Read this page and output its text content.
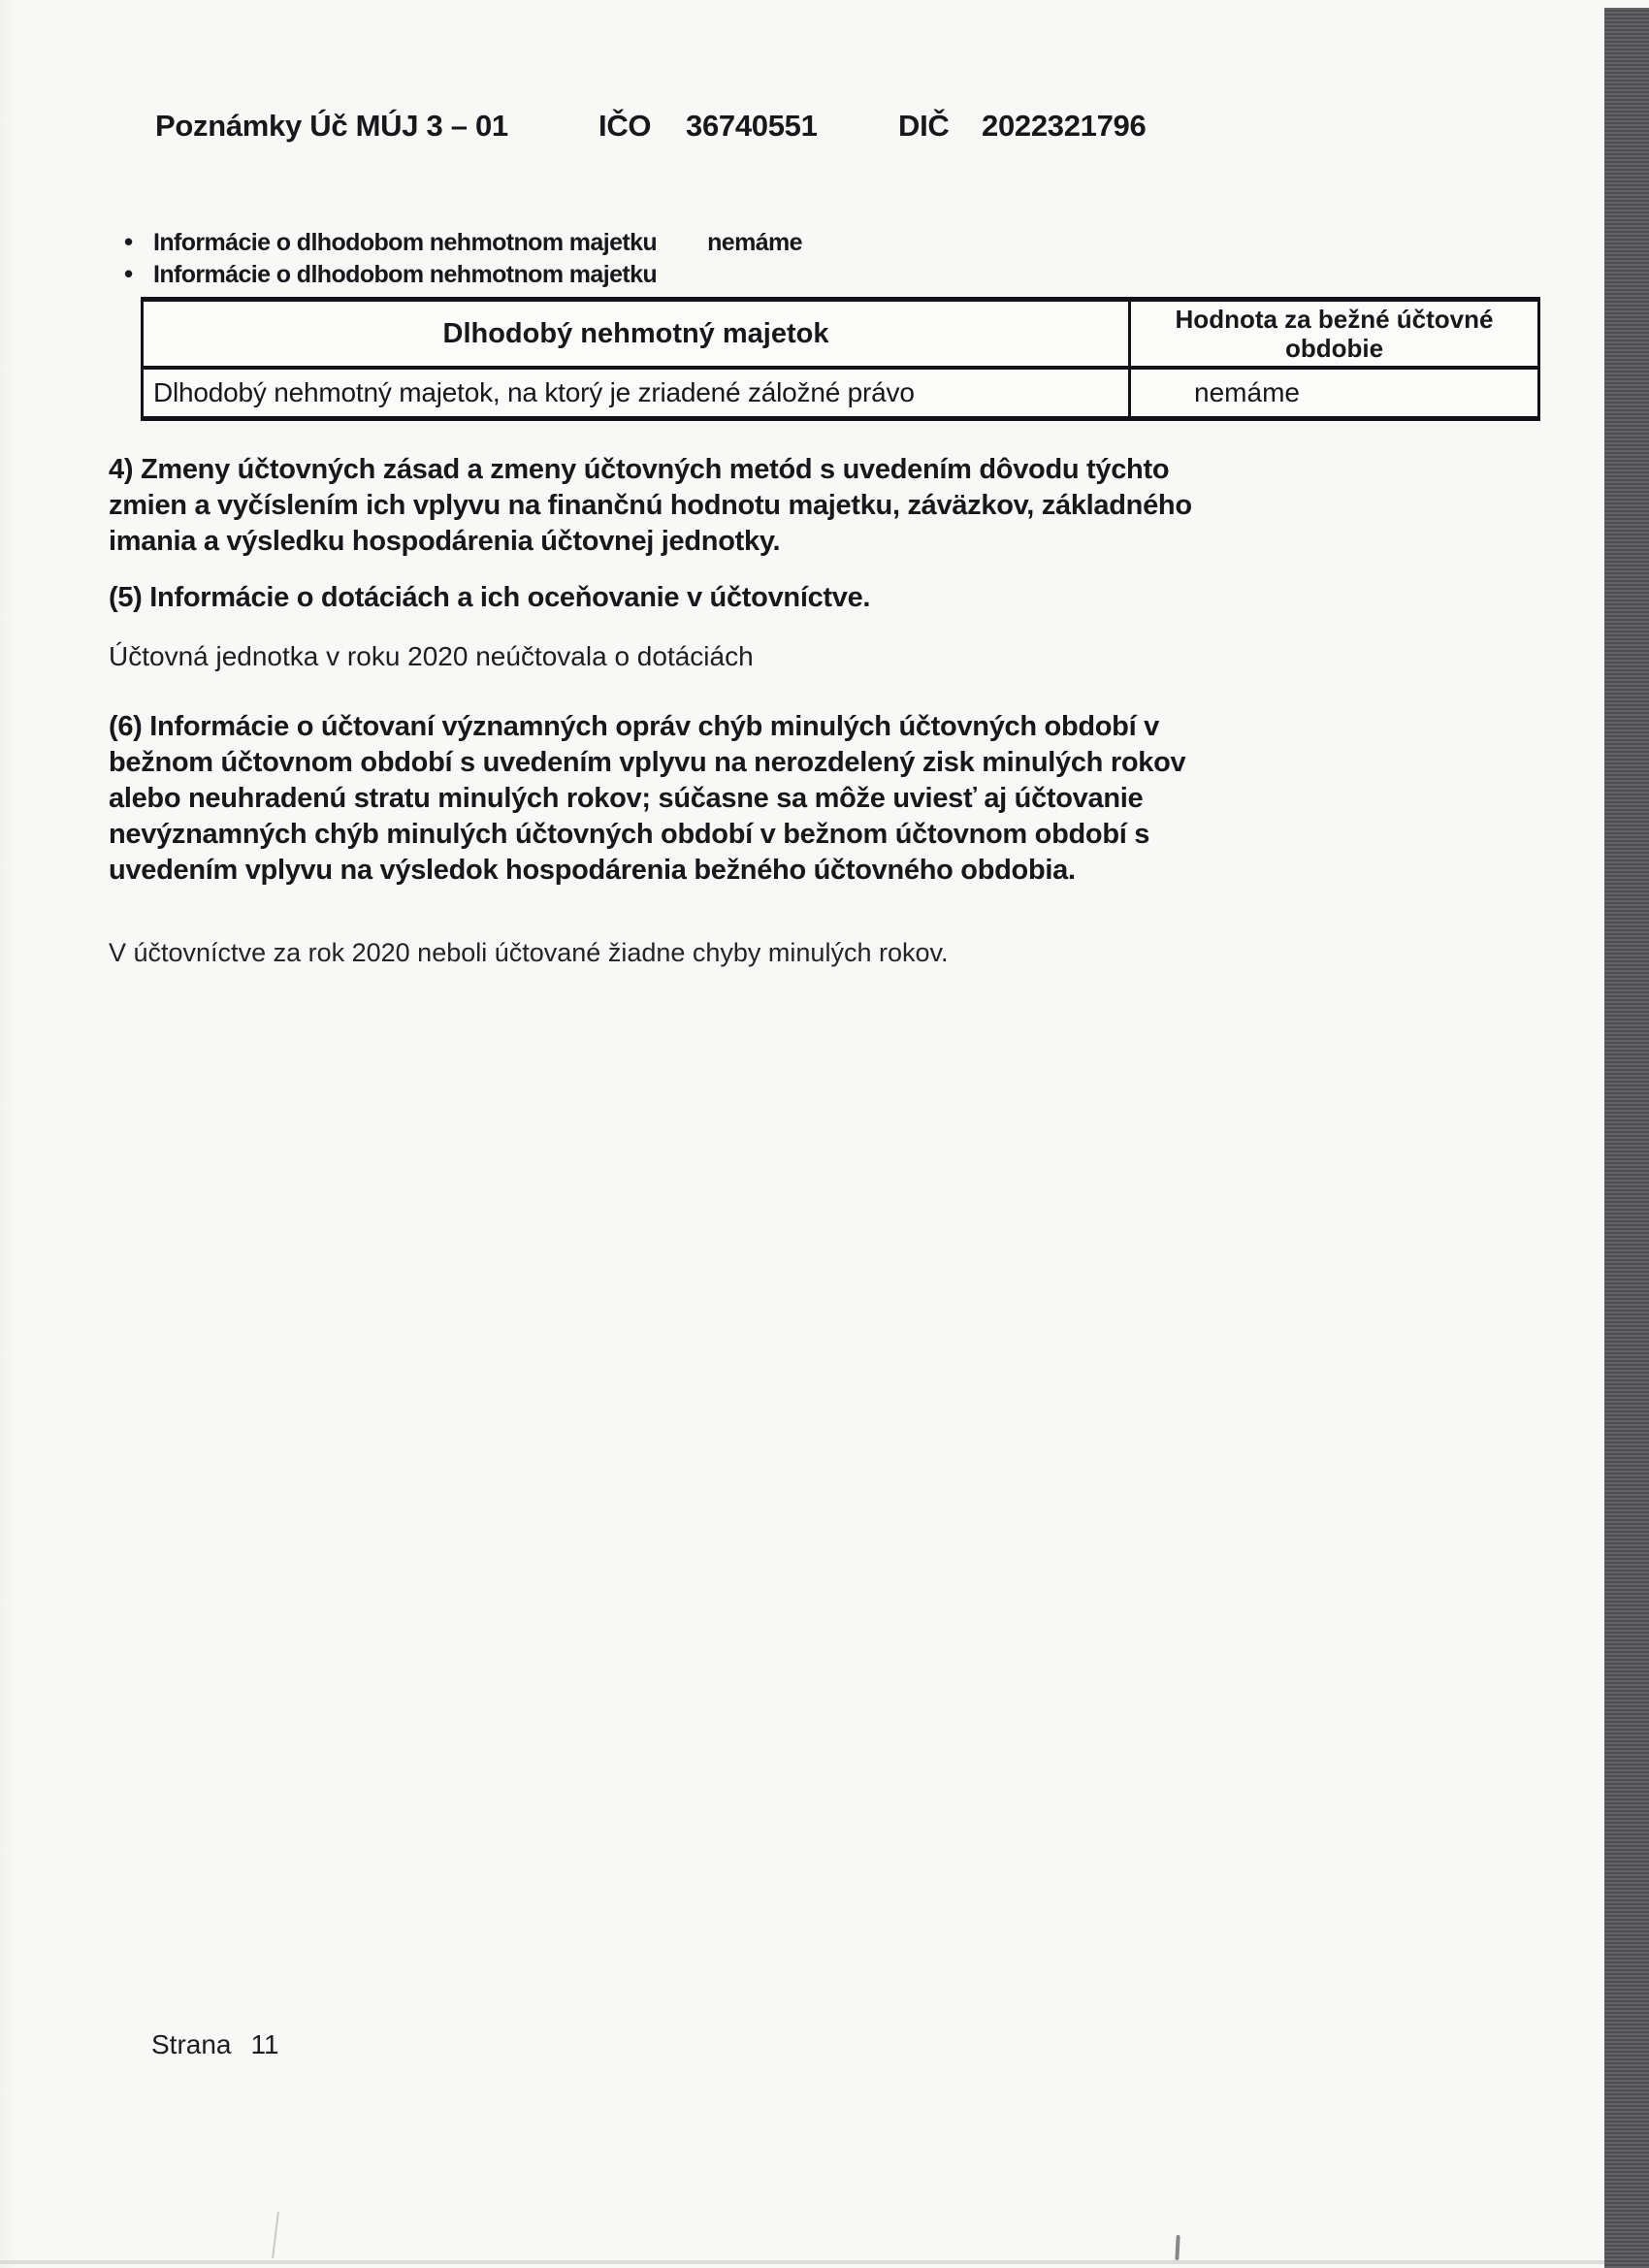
Poznámky Úč MÚJ 3 – 01	IČO 36740551	DIČ 2022321796
• Informácie o dlhodobom nehmotnom majetku nemáme
• Informácie o dlhodobom nehmotnom majetku
Dlhodobý nehmotný majetok	Hodnota za bežné účtovné obdobie
Dlhodobý nehmotný majetok, na ktorý je zriadené záložné právo	nemáme
4) Zmeny účtovných zásad a zmeny účtovných metód s uvedením dôvodu týchto
zmien a vyčíslením ich vplyvu na finančnú hodnotu majetku, záväzkov, základného
imania a výsledku hospodárenia účtovnej jednotky.
(5) Informácie o dotáciách a ich oceňovanie v účtovníctve.
Účtovná jednotka v roku 2020 neúčtovala o dotáciách
(6) Informácie o účtovaní významných opráv chýb minulých účtovných období v
bežnom účtovnom období s uvedením vplyvu na nerozdelený zisk minulých rokov
alebo neuhradenú stratu minulých rokov; súčasne sa môže uviesť aj účtovanie
nevýznamných chýb minulých účtovných období v bežnom účtovnom období s
uvedením vplyvu na výsledok hospodárenia bežného účtovného obdobia.
V účtovníctve za rok 2020 neboli účtované žiadne chyby minulých rokov.
Strana 11
